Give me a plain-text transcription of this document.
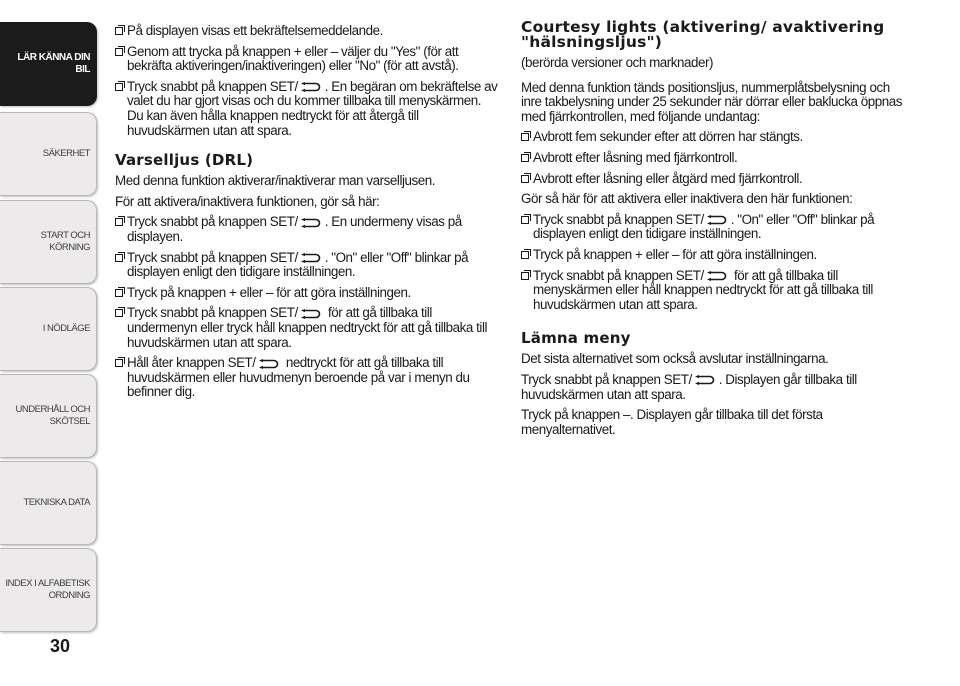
LÄR KÄNNA DIN
BIL
SÄKERHET
START OCH
KÖRNING
I NÖDLÄGE
UNDERHÅLL OCH
SKÖTSEL
TEKNISKA DATA
INDEX I ALFABETISK
ORDNING
30
På displayen visas ett bekräftelsemeddelande.
Genom att trycka på knappen + eller – väljer du "Yes" (för att bekräfta aktiveringen/inaktiveringen) eller "No" (för att avstå).
Tryck snabbt på knappen SET/ . En begäran om bekräftelse av valet du har gjort visas och du kommer tillbaka till menyskärmen. Du kan även hålla knappen nedtryckt för att återgå till huvudskärmen utan att spara.
Varselljus (DRL)

Med denna funktion aktiverar/inaktiverar man varselljusen.

För att aktivera/inaktivera funktionen, gör så här:

Tryck snabbt på knappen SET/ . En undermeny visas på displayen.
Tryck snabbt på knappen SET/ . "On" eller "Off" blinkar på displayen enligt den tidigare inställningen.
Tryck på knappen + eller – för att göra inställningen.
Tryck snabbt på knappen SET/ för att gå tillbaka till undermenyn eller tryck håll knappen nedtryckt för att gå tillbaka till huvudskärmen utan att spara.
Håll åter knappen SET/ nedtryckt för att gå tillbaka till huvudskärmen eller huvudmenyn beroende på var i menyn du befinner dig.
Courtesy lights (aktivering/ avaktivering "hälsningsljus")

(berörda versioner och marknader)

Med denna funktion tänds positionsljus, nummerplåtsbelysning och inre takbelysning under 25 sekunder när dörrar eller baklucka öppnas med fjärrkontrollen, med följande undantag:

Avbrott fem sekunder efter att dörren har stängts.
Avbrott efter låsning med fjärrkontroll.
Avbrott efter låsning eller åtgärd med fjärrkontroll.

Gör så här för att aktivera eller inaktivera den här funktionen:

Tryck snabbt på knappen SET/ . "On" eller "Off" blinkar på displayen enligt den tidigare inställningen.
Tryck på knappen + eller – för att göra inställningen.
Tryck snabbt på knappen SET/ för att gå tillbaka till menyskärmen eller håll knappen nedtryckt för att gå tillbaka till huvudskärmen utan att spara.
Lämna meny

Det sista alternativet som också avslutar inställningarna.

Tryck snabbt på knappen SET/ . Displayen går tillbaka till huvudskärmen utan att spara.

Tryck på knappen –. Displayen går tillbaka till det första menyalternativet.
